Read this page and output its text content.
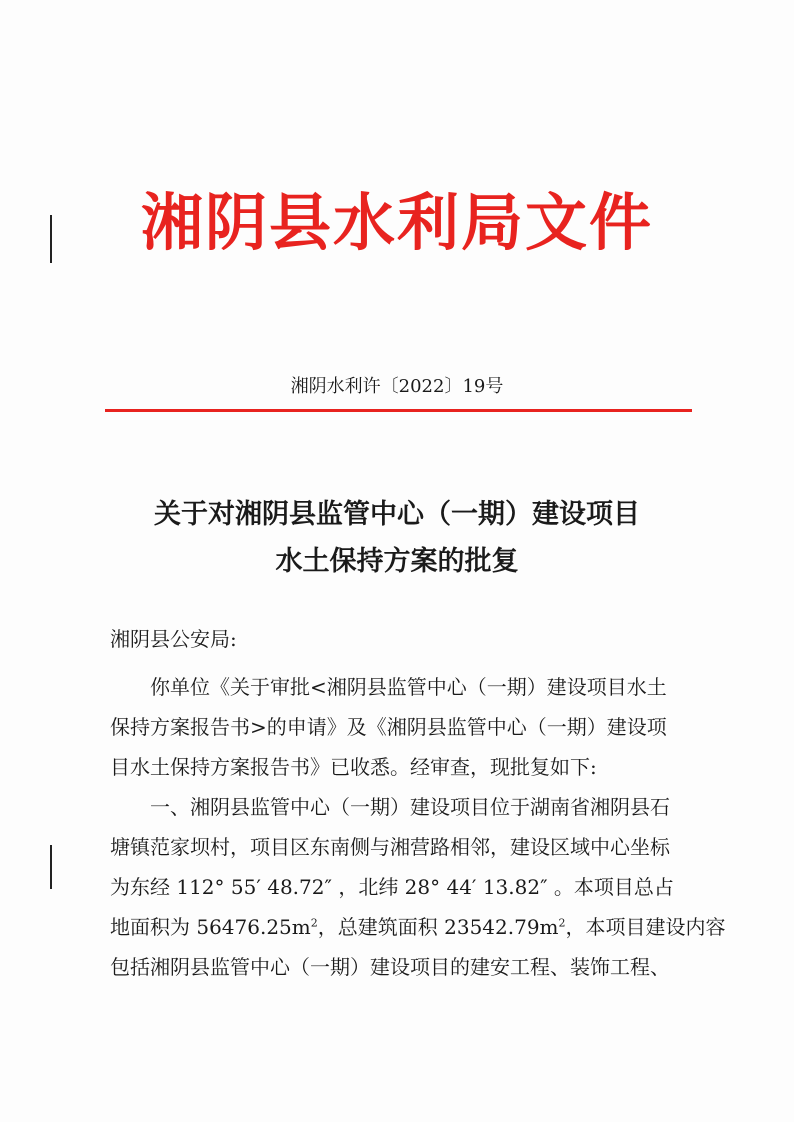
湘阴县水利局文件
湘阴水利许〔2022〕19号
关于对湘阴县监管中心（一期）建设项目
水土保持方案的批复
湘阴县公安局:
你单位《关于审批<湘阴县监管中心（一期）建设项目水土
保持方案报告书>的申请》及《湘阴县监管中心（一期）建设项
目水土保持方案报告书》已收悉。经审查，现批复如下:
一、湘阴县监管中心（一期）建设项目位于湖南省湘阴县石
塘镇范家坝村，项目区东南侧与湘营路相邻，建设区域中心坐标
为东经 112° 55′ 48.72″ ，北纬 28° 44′ 13.82″ 。本项目总占
地面积为 $56476.25m^2$，总建筑面积 $23542.79m^2$，本项目建设内容
包括湘阴县监管中心（一期）建设项目的建安工程、装饰工程、
